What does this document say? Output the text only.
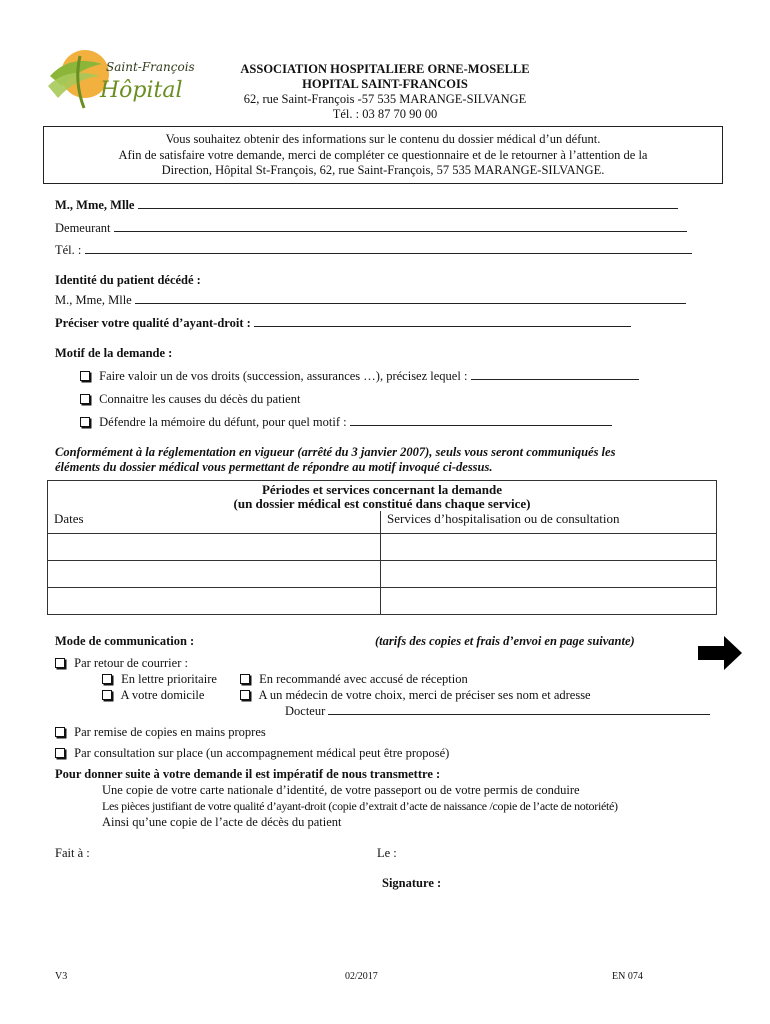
Saint-François
Hôpital
ASSOCIATION HOSPITALIERE ORNE-MOSELLE
HOPITAL SAINT-FRANCOIS
62, rue Saint-François -57 535 MARANGE-SILVANGE
Tél. : 03 87 70 90 00
Vous souhaitez obtenir des informations sur le contenu du dossier médical d’un défunt.
Afin de satisfaire votre demande, merci de compléter ce questionnaire et de le retourner à l’attention de la
Direction, Hôpital St-François, 62, rue Saint-François, 57 535 MARANGE-SILVANGE.
M., Mme, Mlle
Demeurant
Tél. :
Identité du patient décédé :
M., Mme, Mlle
Préciser votre qualité d’ayant-droit :
Motif de la demande :
Faire valoir un de vos droits (succession, assurances …), précisez lequel :
Connaitre les causes du décès du patient
Défendre la mémoire du défunt, pour quel motif :
Conformément à la réglementation en vigueur (arrêté du 3 janvier 2007), seuls vous seront communiqués les
éléments du dossier médical vous permettant de répondre au motif invoqué ci-dessus.
Périodes et services concernant la demande
(un dossier médical est constitué dans chaque service)	

Dates	Services d’hospitalisation ou de consultation

Mode de communication :	(tarifs des copies et frais d’envoi en page suivante)
Par retour de courrier :
En lettre prioritaire	En recommandé avec accusé de réception
A votre domicile	A un médecin de votre choix, merci de préciser ses nom et adresse
Docteur
Par remise de copies en mains propres
Par consultation sur place (un accompagnement médical peut être proposé)
Pour donner suite à votre demande il est impératif de nous transmettre :
Une copie de votre carte nationale d’identité, de votre passeport ou de votre permis de conduire
Les pièces justifiant de votre qualité d’ayant-droit (copie d’extrait d’acte de naissance /copie de l’acte de notoriété)
Ainsi qu’une copie de l’acte de décès du patient
Fait à :	Le :
Signature :
V3	02/2017	EN 074
